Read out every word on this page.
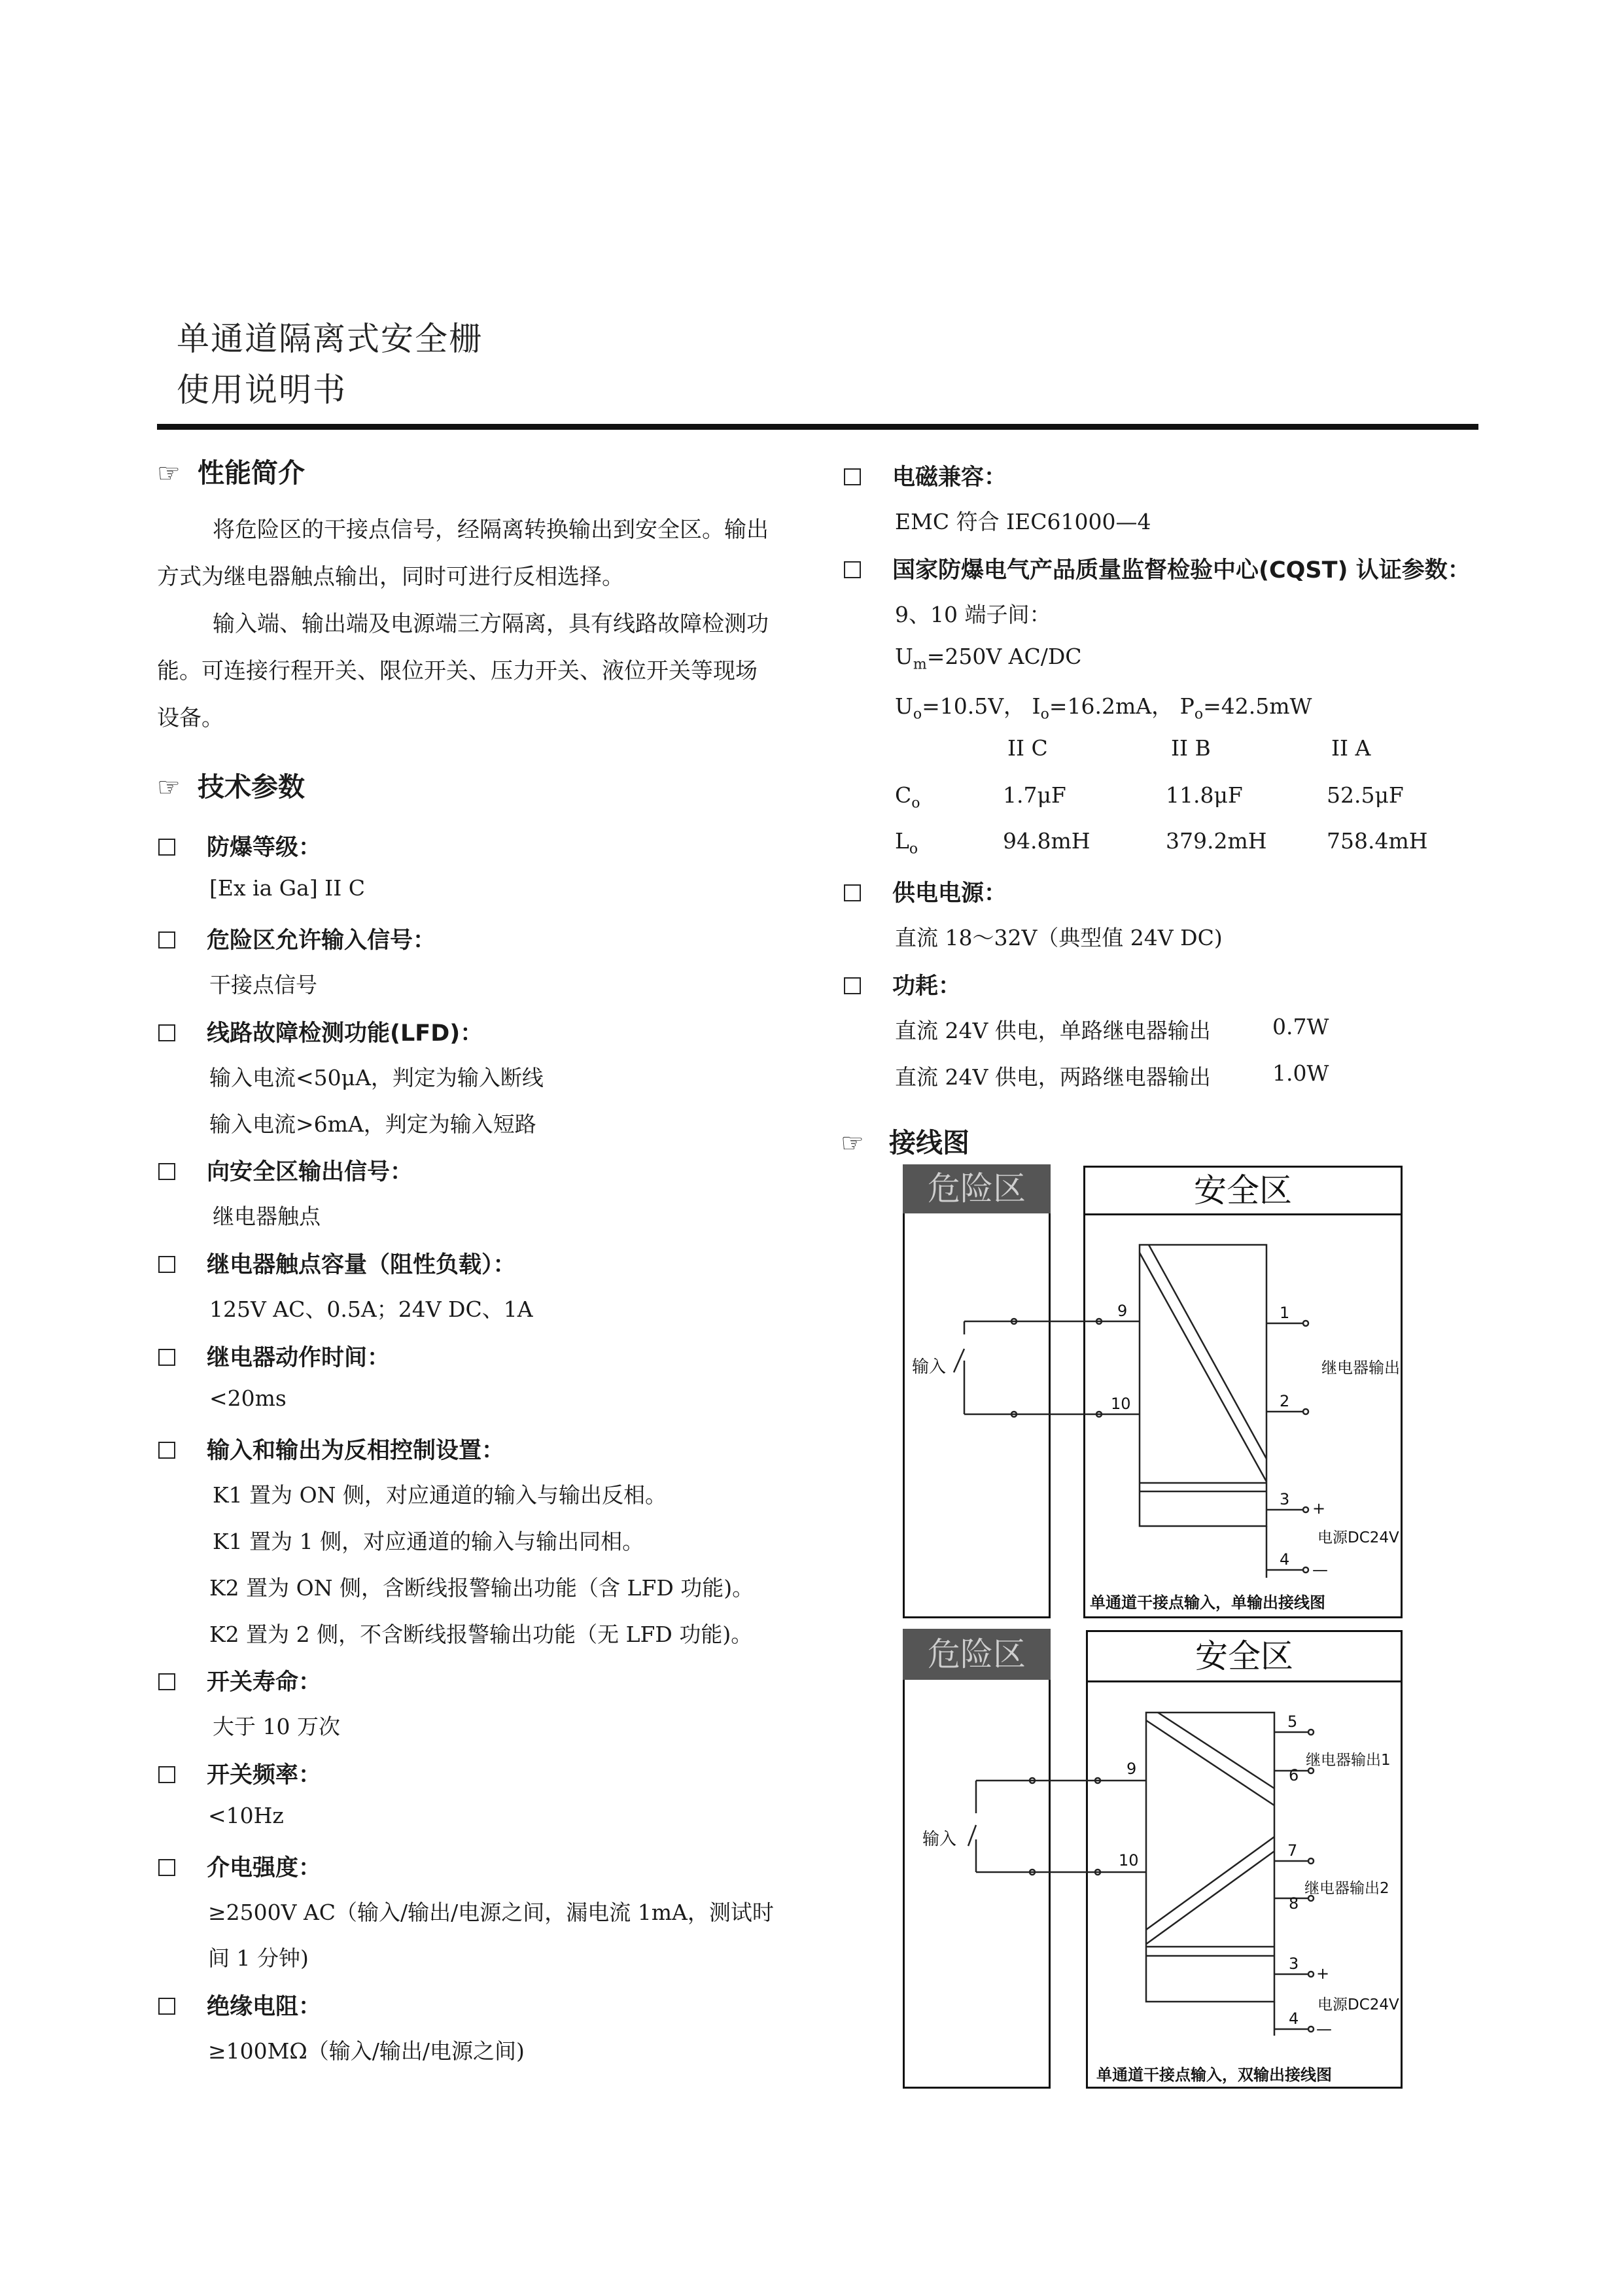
单通道隔离式安全栅
使用说明书
☞ 性能简介
将危险区的干接点信号，经隔离转换输出到安全区。输出
方式为继电器触点输出，同时可进行反相选择。
输入端、输出端及电源端三方隔离，具有线路故障检测功
能。可连接行程开关、限位开关、压力开关、液位开关等现场
设备。
☞ 技术参数
防爆等级：
[Ex ia Ga] II C
危险区允许输入信号：
干接点信号
线路故障检测功能(LFD)：
输入电流<50μA，判定为输入断线
输入电流>6mA，判定为输入短路
向安全区输出信号：
继电器触点
继电器触点容量（阻性负载）：
125V AC、0.5A；24V DC、1A
继电器动作时间：
<20ms
输入和输出为反相控制设置：
K1 置为 ON 侧，对应通道的输入与输出反相。
K1 置为 1 侧，对应通道的输入与输出同相。
K2 置为 ON 侧，含断线报警输出功能（含 LFD 功能)。
K2 置为 2 侧，不含断线报警输出功能（无 LFD 功能)。
开关寿命：
大于 10 万次
开关频率：
<10Hz
介电强度：
≥2500V AC（输入/输出/电源之间，漏电流 1mA，测试时
间 1 分钟)
绝缘电阻：
≥100MΩ（输入/输出/电源之间)
电磁兼容：
EMC 符合 IEC61000—4
国家防爆电气产品质量监督检验中心(CQST) 认证参数：
9、10 端子间：
$U_m=250V$ AC/DC
$U_o=10.5V$， $I_o=16.2mA$， $P_o=42.5mW$
II C	II B	II A
$C_o$	1.7μF	11.8μF	52.5μF
$L_o$	94.8mH	379.2mH	758.4mH
供电电源：
直流 18～32V（典型值 24V DC)
功耗：
直流 24V 供电，单路继电器输出	0.7W
直流 24V 供电，两路继电器输出	1.0W
☞ 接线图
危险区	安全区
9
10
1
2
3
4
+
—
输入	继电器输出
电源DC24V
单通道干接点输入，单输出接线图
危险区	安全区
9
10
5
6
7
8
3
4
+
—
输入
继电器输出1
继电器输出2
电源DC24V
单通道干接点输入，双输出接线图
